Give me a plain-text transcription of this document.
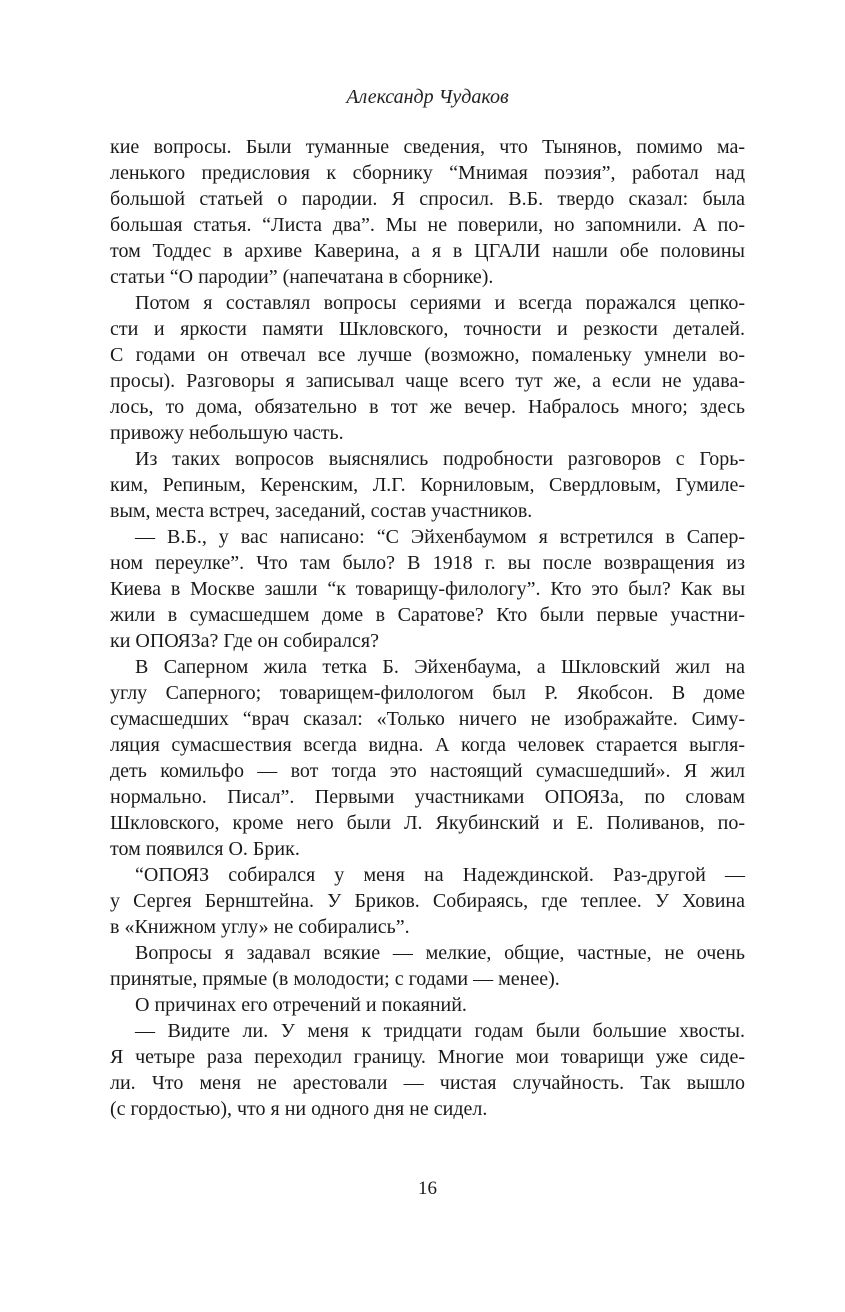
Александр Чудаков
кие вопросы. Были туманные сведения, что Тынянов, помимо ма-
ленького предисловия к сборнику “Мнимая поэзия”, работал над
большой статьей о пародии. Я спросил. В.Б. твердо сказал: была
большая статья. “Листа два”. Мы не поверили, но запомнили. А по-
том Тоддес в архиве Каверина, а я в ЦГАЛИ нашли обе половины
статьи “О пародии” (напечатана в сборнике).
Потом я составлял вопросы сериями и всегда поражался цепко-
сти и яркости памяти Шкловского, точности и резкости деталей.
С годами он отвечал все лучше (возможно, помаленьку умнели во-
просы). Разговоры я записывал чаще всего тут же, а если не удава-
лось, то дома, обязательно в тот же вечер. Набралось много; здесь
привожу небольшую часть.
Из таких вопросов выяснялись подробности разговоров с Горь-
ким, Репиным, Керенским, Л.Г. Корниловым, Свердловым, Гумиле-
вым, места встреч, заседаний, состав участников.
— В.Б., у вас написано: “С Эйхенбаумом я встретился в Сапер-
ном переулке”. Что там было? В 1918 г. вы после возвращения из
Киева в Москве зашли “к товарищу-филологу”. Кто это был? Как вы
жили в сумасшедшем доме в Саратове? Кто были первые участни-
ки ОПОЯЗа? Где он собирался?
В Саперном жила тетка Б. Эйхенбаума, а Шкловский жил на
углу Саперного; товарищем-филологом был Р. Якобсон. В доме
сумасшедших “врач сказал: «Только ничего не изображайте. Симу-
ляция сумасшествия всегда видна. А когда человек старается выгля-
деть комильфо — вот тогда это настоящий сумасшедший». Я жил
нормально. Писал”. Первыми участниками ОПОЯЗа, по словам
Шкловского, кроме него были Л. Якубинский и Е. Поливанов, по-
том появился О. Брик.
“ОПОЯЗ собирался у меня на Надеждинской. Раз-другой —
у Сергея Бернштейна. У Бриков. Собираясь, где теплее. У Ховина
в «Книжном углу» не собирались”.
Вопросы я задавал всякие — мелкие, общие, частные, не очень
принятые, прямые (в молодости; с годами — менее).
О причинах его отречений и покаяний.
— Видите ли. У меня к тридцати годам были большие хвосты.
Я четыре раза переходил границу. Многие мои товарищи уже сиде-
ли. Что меня не арестовали — чистая случайность. Так вышло
(с гордостью), что я ни одного дня не сидел.
16
